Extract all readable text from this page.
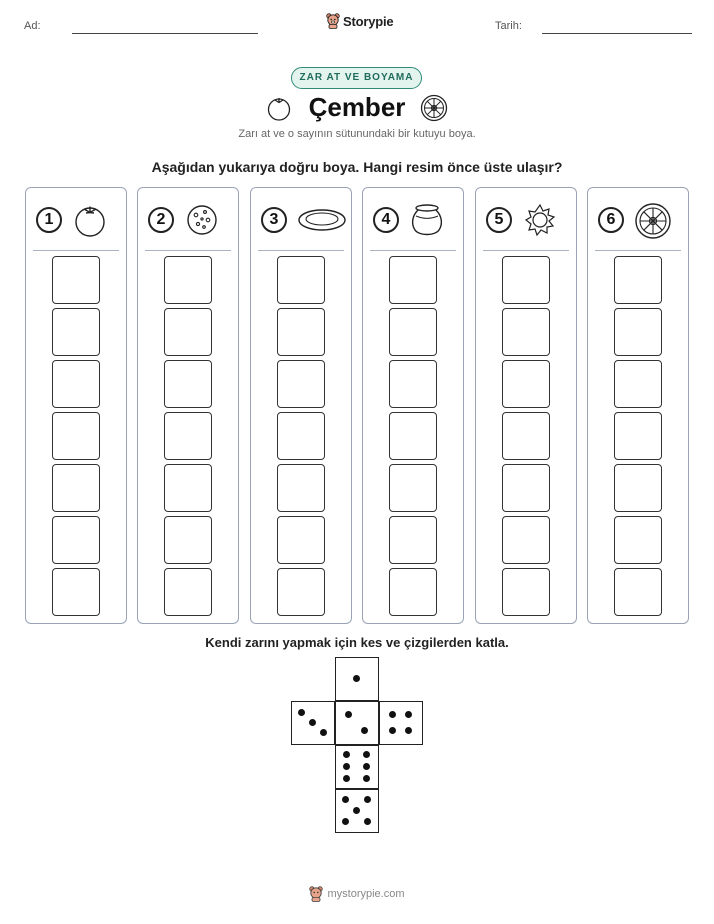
Ad:	Storypie	Tarih:
ZAR AT VE BOYAMA
Çember
Zarı at ve o sayının sütunundaki bir kutuyu boya.
Aşağıdan yukarıya doğru boya. Hangi resim önce üste ulaşır?
1	2	3	4	5	6
Kendi zarını yapmak için kes ve çizgilerden katla.
mystorypie.com
